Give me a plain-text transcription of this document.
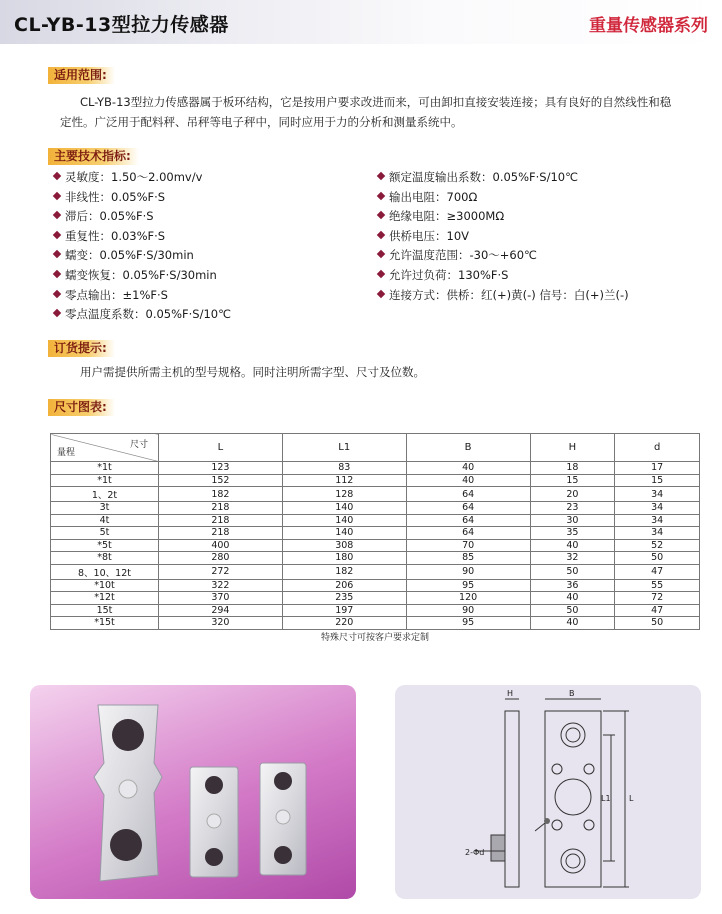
CL-YB-13型拉力传感器	重量传感器系列
适用范围:
CL-YB-13型拉力传感器属于板环结构，它是按用户要求改进而来，可由卸扣直接安装连接；具有良好的自然线性和稳定性。广泛用于配料秤、吊秤等电子秤中，同时应用于力的分析和测量系统中。
主要技术指标:
灵敏度：1.50～2.00mv/v
非线性：0.05%F·S
滞后：0.05%F·S
重复性：0.03%F·S
蠕变：0.05%F·S/30min
蠕变恢复：0.05%F·S/30min
零点输出：±1%F·S
零点温度系数：0.05%F·S/10℃
额定温度输出系数：0.05%F·S/10℃
输出电阻：700Ω
绝缘电阻：≥3000MΩ
供桥电压：10V
允许温度范围：-30～+60℃
允许过负荷：130%F·S
连接方式：供桥：红(+)黄(-) 信号：白(+)兰(-)
订货提示:
用户需提供所需主机的型号规格。同时注明所需字型、尺寸及位数。
尺寸图表:
尺寸
量程	L	L1	B	H	d
*1t	123	83	40	18	17
*1t	152	112	40	15	15
1、2t	182	128	64	20	34
3t	218	140	64	23	34
4t	218	140	64	30	34
5t	218	140	64	35	34
*5t	400	308	70	40	52
*8t	280	180	85	32	50
8、10、12t	272	182	90	50	47
*10t	322	206	95	36	55
*12t	370	235	120	40	72
15t	294	197	90	50	47
*15t	320	220	95	40	50
特殊尺寸可按客户要求定制					
H	B
L1 L
2-Φd
